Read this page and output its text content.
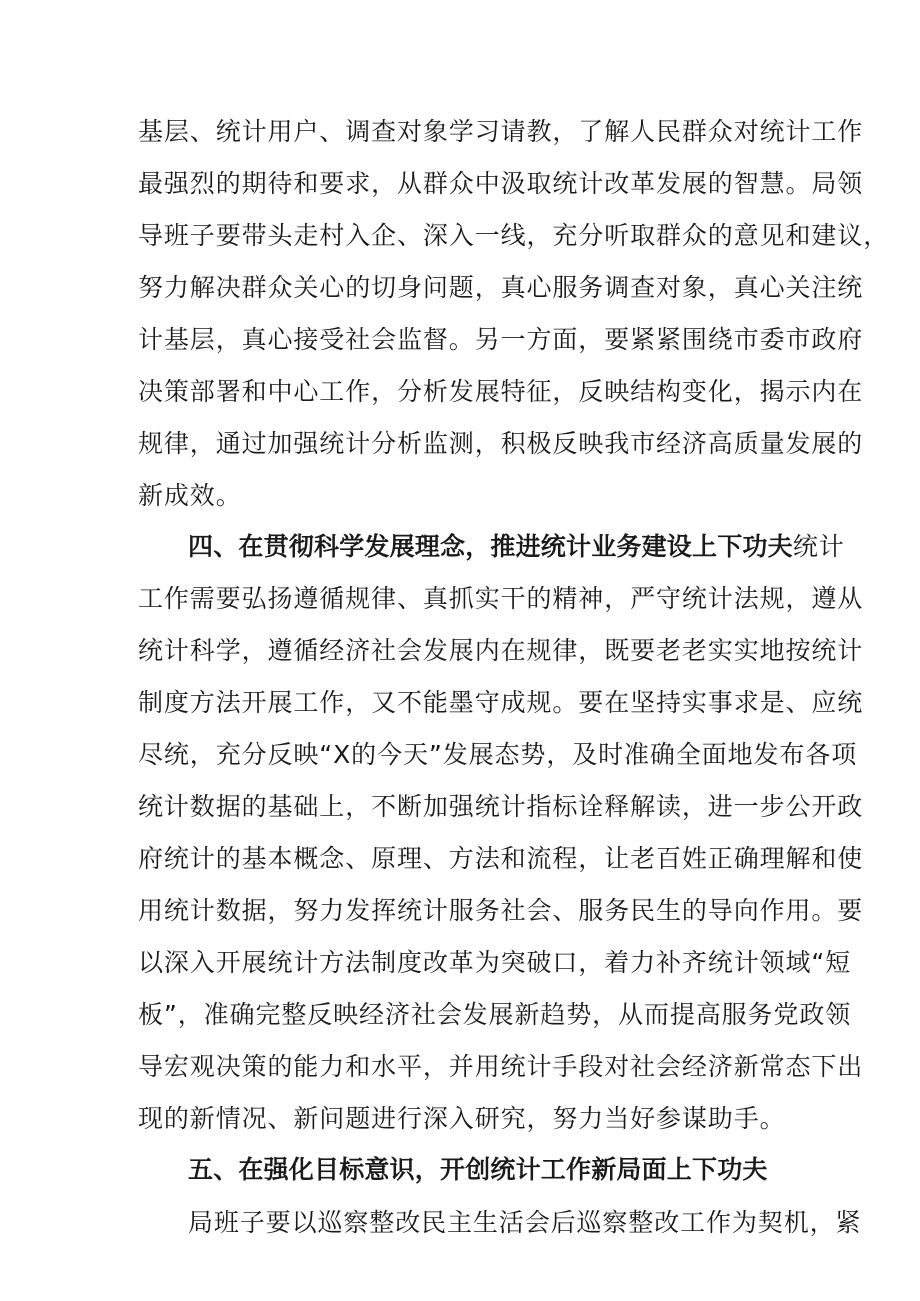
基层、统计用户、调查对象学习请教，了解人民群众对统计工作
最强烈的期待和要求，从群众中汲取统计改革发展的智慧。局领
导班子要带头走村入企、深入一线，充分听取群众的意见和建议，
努力解决群众关心的切身问题，真心服务调查对象，真心关注统
计基层，真心接受社会监督。另一方面，要紧紧围绕市委市政府
决策部署和中心工作，分析发展特征，反映结构变化，揭示内在
规律，通过加强统计分析监测，积极反映我市经济高质量发展的
新成效。
四、在贯彻科学发展理念，推进统计业务建设上下功夫统计
工作需要弘扬遵循规律、真抓实干的精神，严守统计法规，遵从
统计科学，遵循经济社会发展内在规律，既要老老实实地按统计
制度方法开展工作，又不能墨守成规。要在坚持实事求是、应统
尽统，充分反映“X的今天”发展态势，及时准确全面地发布各项
统计数据的基础上，不断加强统计指标诠释解读，进一步公开政
府统计的基本概念、原理、方法和流程，让老百姓正确理解和使
用统计数据，努力发挥统计服务社会、服务民生的导向作用。要
以深入开展统计方法制度改革为突破口，着力补齐统计领域“短
板”，准确完整反映经济社会发展新趋势，从而提高服务党政领
导宏观决策的能力和水平，并用统计手段对社会经济新常态下出
现的新情况、新问题进行深入研究，努力当好参谋助手。
五、在强化目标意识，开创统计工作新局面上下功夫
局班子要以巡察整改民主生活会后巡察整改工作为契机，紧
